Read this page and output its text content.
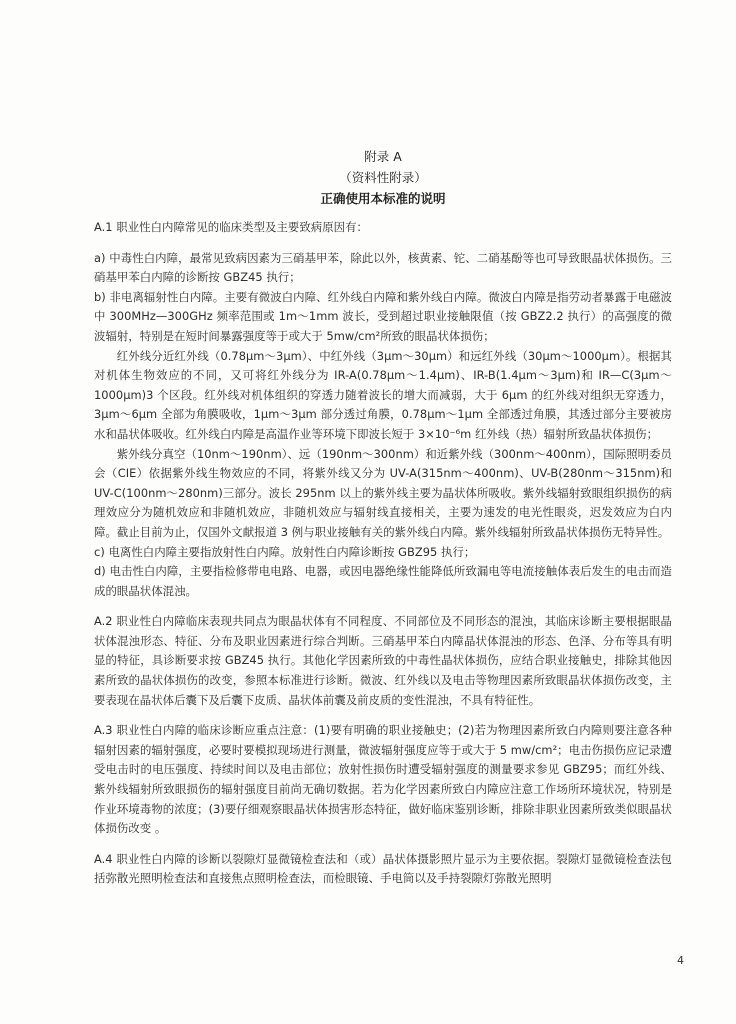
附录 A

（资料性附录）

正确使用本标准的说明

A.1 职业性白内障常见的临床类型及主要致病原因有：

a) 中毒性白内障，最常见致病因素为三硝基甲苯，除此以外，核黄素、铊、二硝基酚等也可导致眼晶状体损伤。三硝基甲苯白内障的诊断按 GBZ45 执行；

b) 非电离辐射性白内障。主要有微波白内障、红外线白内障和紫外线白内障。微波白内障是指劳动者暴露于电磁波中 300MHz—300GHz 频率范围或 1m～1mm 波长，受到超过职业接触限值（按 GBZ2.2 执行）的高强度的微波辐射，特别是在短时间暴露强度等于或大于 5mw/cm²所致的眼晶状体损伤；

红外线分近红外线（0.78μm～3μm）、中红外线（3μm～30μm）和远红外线（30μm～1000μm）。根据其对机体生物效应的不同，又可将红外线分为 IR-A(0.78μm～1.4μm)、IR-B(1.4μm～3μm)和 IR—C(3μm～1000μm)3 个区段。红外线对机体组织的穿透力随着波长的增大而减弱，大于 6μm 的红外线对组织无穿透力，3μm～6μm 全部为角膜吸收，1μm～3μm 部分透过角膜，0.78μm～1μm 全部透过角膜，其透过部分主要被房水和晶状体吸收。红外线白内障是高温作业等环境下即波长短于 3×10⁻⁶m 红外线（热）辐射所致晶状体损伤；

紫外线分真空（10nm～190nm）、远（190nm～300nm）和近紫外线（300nm～400nm），国际照明委员会（CIE）依据紫外线生物效应的不同，将紫外线又分为 UV-A(315nm～400nm)、UV-B(280nm～315nm)和 UV-C(100nm～280nm)三部分。波长 295nm 以上的紫外线主要为晶状体所吸收。紫外线辐射致眼组织损伤的病理效应分为随机效应和非随机效应，非随机效应与辐射线直接相关，主要为速发的电光性眼炎，迟发效应为白内障。截止目前为止，仅国外文献报道 3 例与职业接触有关的紫外线白内障。紫外线辐射所致晶状体损伤无特异性。

c) 电离性白内障主要指放射性白内障。放射性白内障诊断按 GBZ95 执行；

d) 电击性白内障，主要指检修带电电路、电器，或因电器绝缘性能降低所致漏电等电流接触体表后发生的电击而造成的眼晶状体混浊。

A.2 职业性白内障临床表现共同点为眼晶状体有不同程度、不同部位及不同形态的混浊，其临床诊断主要根据眼晶状体混浊形态、特征、分布及职业因素进行综合判断。三硝基甲苯白内障晶状体混浊的形态、色泽、分布等具有明显的特征，具诊断要求按 GBZ45 执行。其他化学因素所致的中毒性晶状体损伤，应结合职业接触史，排除其他因素所致的晶状体损伤的改变，参照本标准进行诊断。微波、红外线以及电击等物理因素所致眼晶状体损伤改变，主要表现在晶状体后囊下及后囊下皮质、晶状体前囊及前皮质的变性混浊，不具有特征性。

A.3 职业性白内障的临床诊断应重点注意：(1)要有明确的职业接触史；(2)若为物理因素所致白内障则要注意各种辐射因素的辐射强度，必要时要模拟现场进行测量，微波辐射强度应等于或大于 5 mw/cm²；电击伤损伤应记录遭受电击时的电压强度、持续时间以及电击部位；放射性损伤时遭受辐射强度的测量要求参见 GBZ95；而红外线、紫外线辐射所致眼损伤的辐射强度目前尚无确切数据。若为化学因素所致白内障应注意工作场所环境状况，特别是作业环境毒物的浓度；(3)要仔细观察眼晶状体损害形态特征，做好临床鉴别诊断，排除非职业因素所致类似眼晶状体损伤改变 。

A.4 职业性白内障的诊断以裂隙灯显微镜检查法和（或）晶状体摄影照片显示为主要依据。裂隙灯显微镜检查法包括弥散光照明检查法和直接焦点照明检查法，而检眼镜、手电筒以及手持裂隙灯弥散光照明

4
